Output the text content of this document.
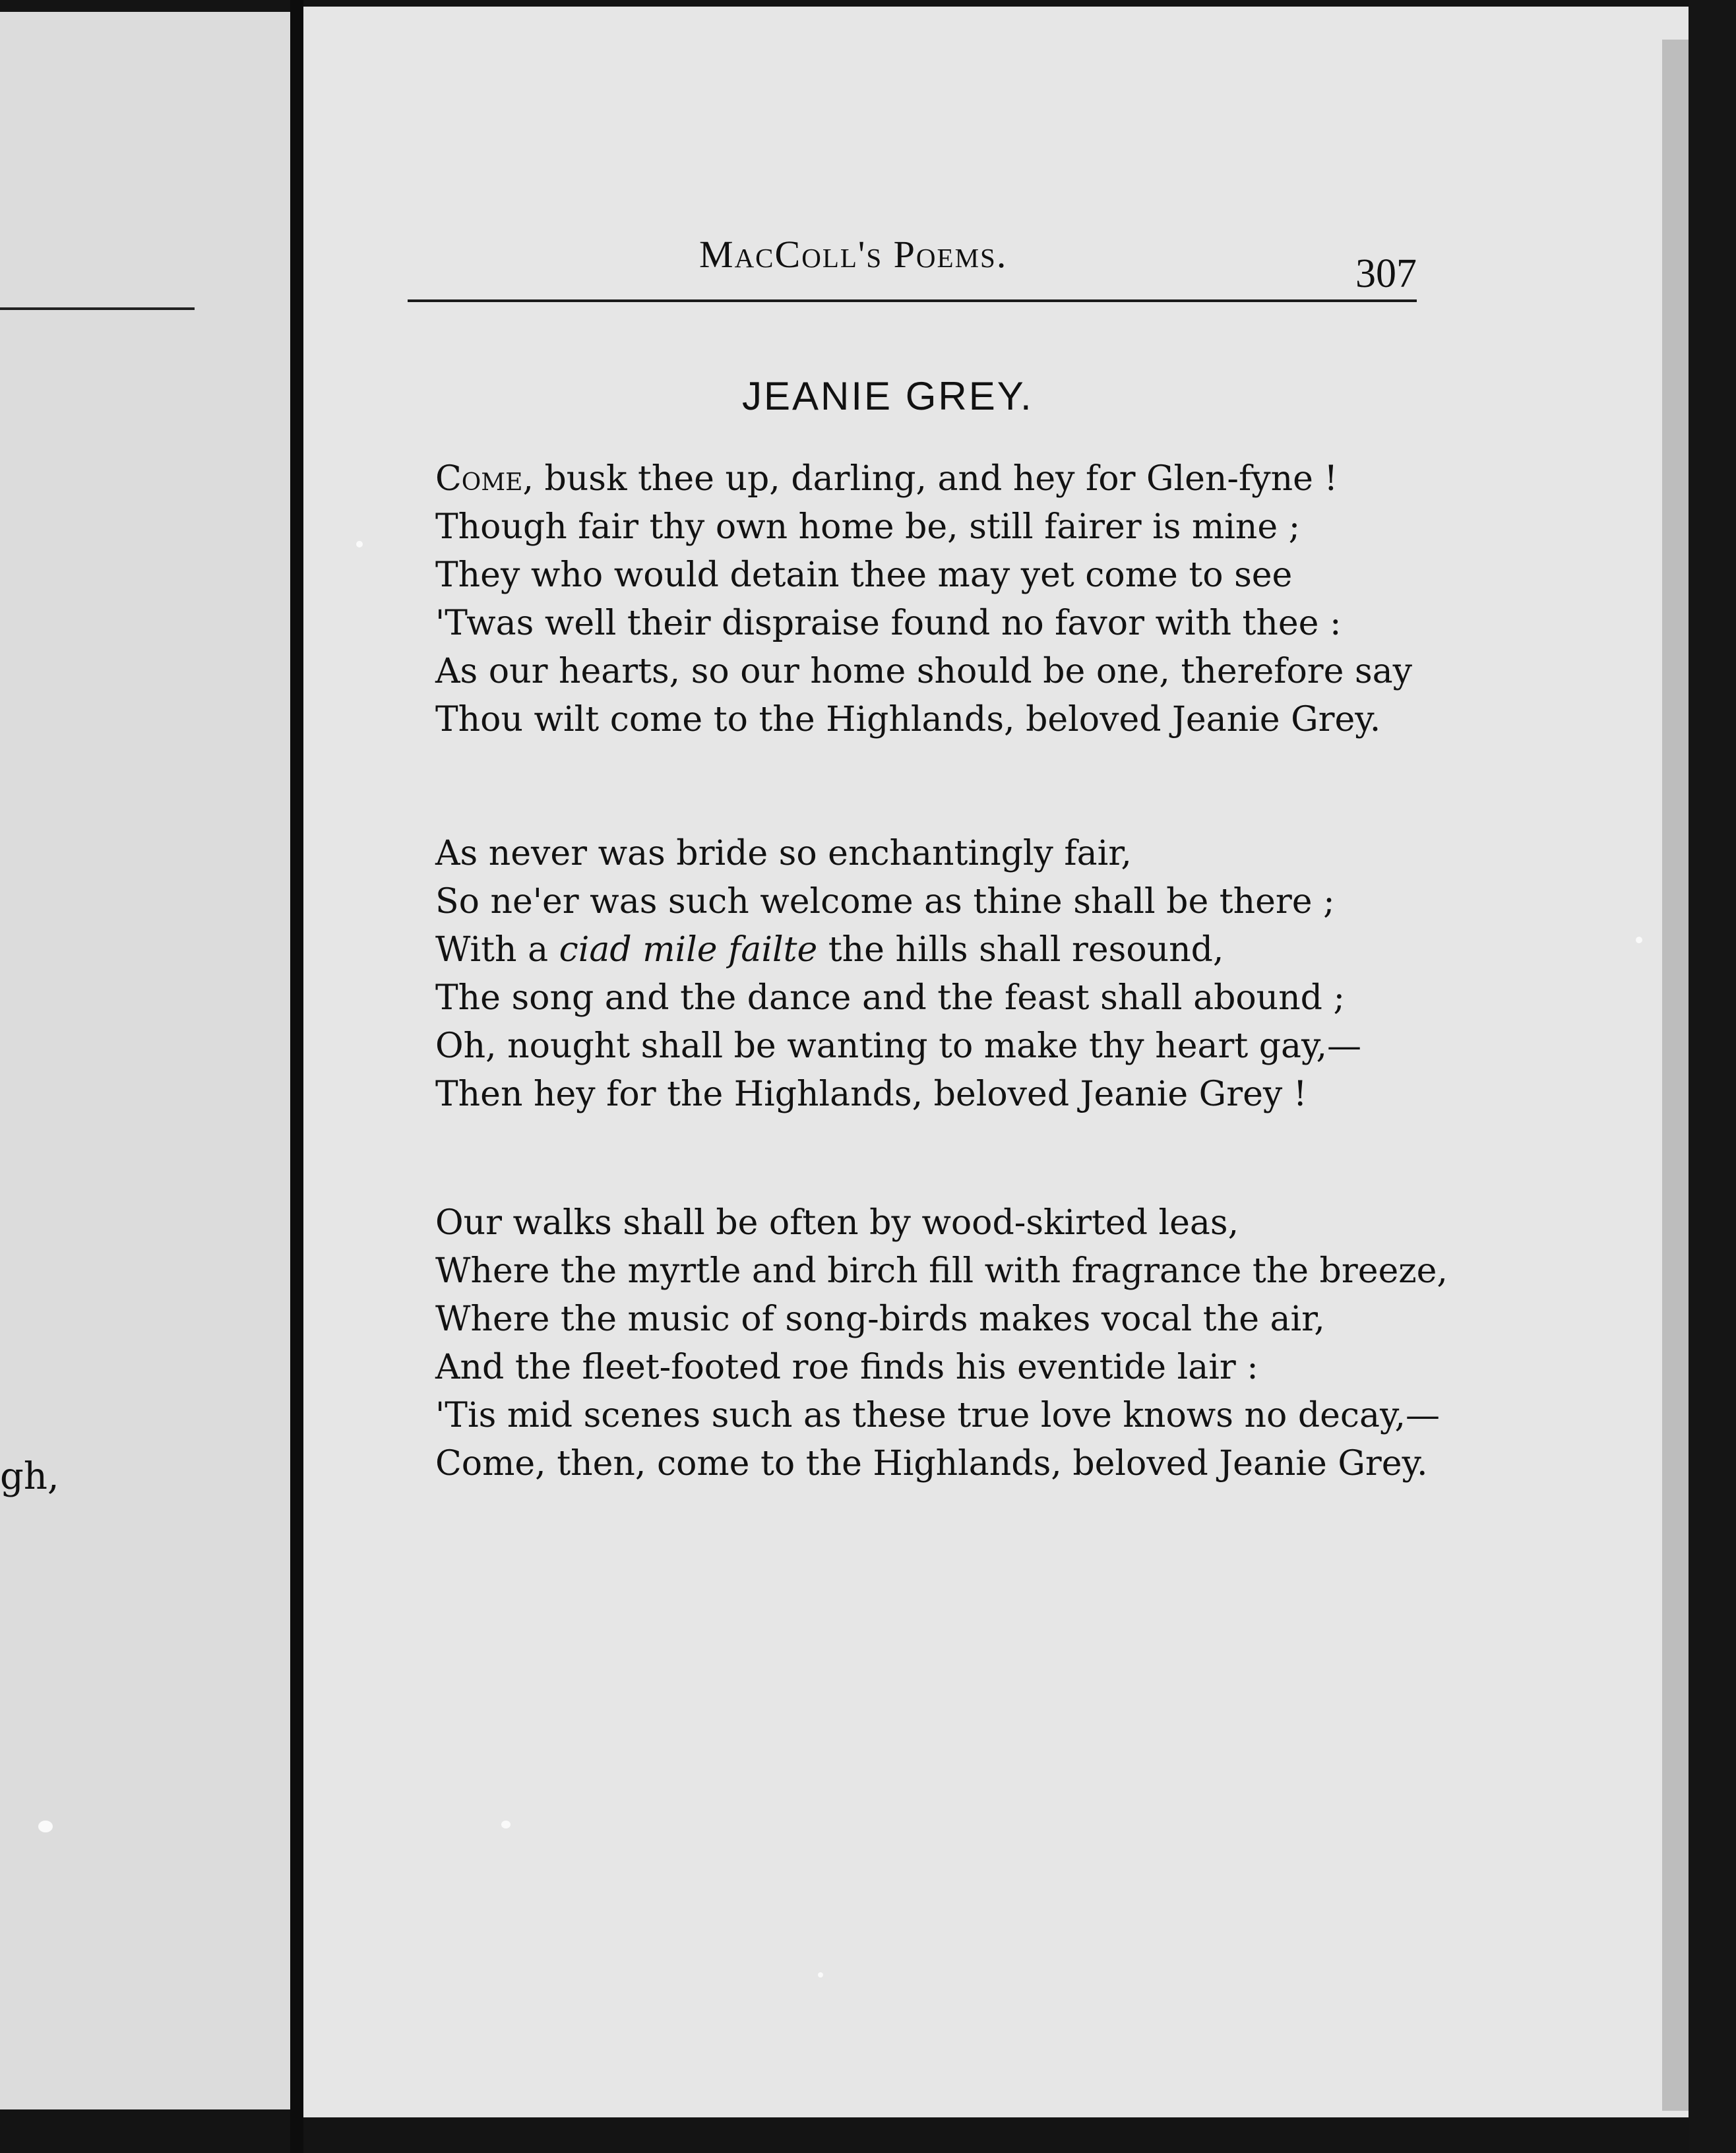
gh,
MacColl's Poems.	307
JEANIE GREY.
Come, busk thee up, darling, and hey for Glen-fyne !
Though fair thy own home be, still fairer is mine ;
They who would detain thee may yet come to see
'Twas well their dispraise found no favor with thee :
As our hearts, so our home should be one, therefore say
Thou wilt come to the Highlands, beloved Jeanie Grey.
As never was bride so enchantingly fair,
So ne'er was such welcome as thine shall be there ;
With a ciad mile failte the hills shall resound,
The song and the dance and the feast shall abound ;
Oh, nought shall be wanting to make thy heart gay,—
Then hey for the Highlands, beloved Jeanie Grey !
Our walks shall be often by wood-skirted leas,
Where the myrtle and birch fill with fragrance the breeze,
Where the music of song-birds makes vocal the air,
And the fleet-footed roe finds his eventide lair :
'Tis mid scenes such as these true love knows no decay,—
Come, then, come to the Highlands, beloved Jeanie Grey.
